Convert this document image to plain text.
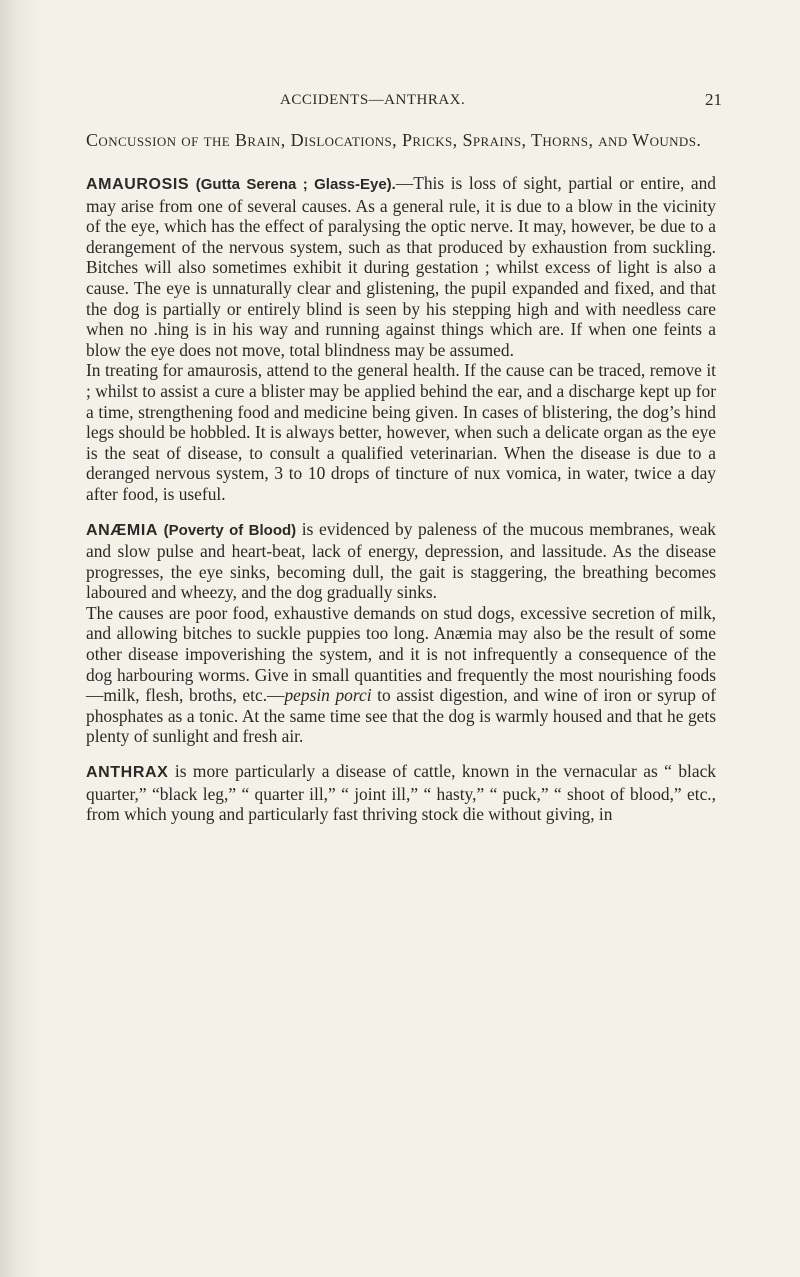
ACCIDENTS—ANTHRAX.	21

Concussion of the Brain, Dislocations, Pricks, Sprains, Thorns, and Wounds.

AMAUROSIS (Gutta Serena ; Glass-Eye).—This is loss of sight, partial or entire, and may arise from one of several causes. As a general rule, it is due to a blow in the vicinity of the eye, which has the effect of paralysing the optic nerve. It may, however, be due to a derangement of the nervous system, such as that produced by exhaustion from suckling. Bitches will also sometimes exhibit it during gestation ; whilst excess of light is also a cause. The eye is unnaturally clear and glistening, the pupil expanded and fixed, and that the dog is partially or entirely blind is seen by his stepping high and with needless care when no .hing is in his way and running against things which are. If when one feints a blow the eye does not move, total blindness may be assumed.

In treating for amaurosis, attend to the general health. If the cause can be traced, remove it ; whilst to assist a cure a blister may be applied behind the ear, and a discharge kept up for a time, strengthening food and medicine being given. In cases of blistering, the dog’s hind legs should be hobbled. It is always better, however, when such a delicate organ as the eye is the seat of disease, to consult a qualified veterinarian. When the disease is due to a deranged nervous system, 3 to 10 drops of tincture of nux vomica, in water, twice a day after food, is useful.

ANÆMIA (Poverty of Blood) is evidenced by paleness of the mucous membranes, weak and slow pulse and heart-beat, lack of energy, depression, and lassitude. As the disease progresses, the eye sinks, becoming dull, the gait is staggering, the breathing becomes laboured and wheezy, and the dog gradually sinks.

The causes are poor food, exhaustive demands on stud dogs, excessive secretion of milk, and allowing bitches to suckle puppies too long. Anæmia may also be the result of some other disease impoverishing the system, and it is not infrequently a consequence of the dog harbouring worms. Give in small quantities and frequently the most nourishing foods—milk, flesh, broths, etc.—pepsin porci to assist digestion, and wine of iron or syrup of phosphates as a tonic. At the same time see that the dog is warmly housed and that he gets plenty of sunlight and fresh air.

ANTHRAX is more particularly a disease of cattle, known in the vernacular as “ black quarter,” “black leg,” “ quarter ill,” “ joint ill,” “ hasty,” “ puck,” “ shoot of blood,” etc., from which young and particularly fast thriving stock die without giving, in
